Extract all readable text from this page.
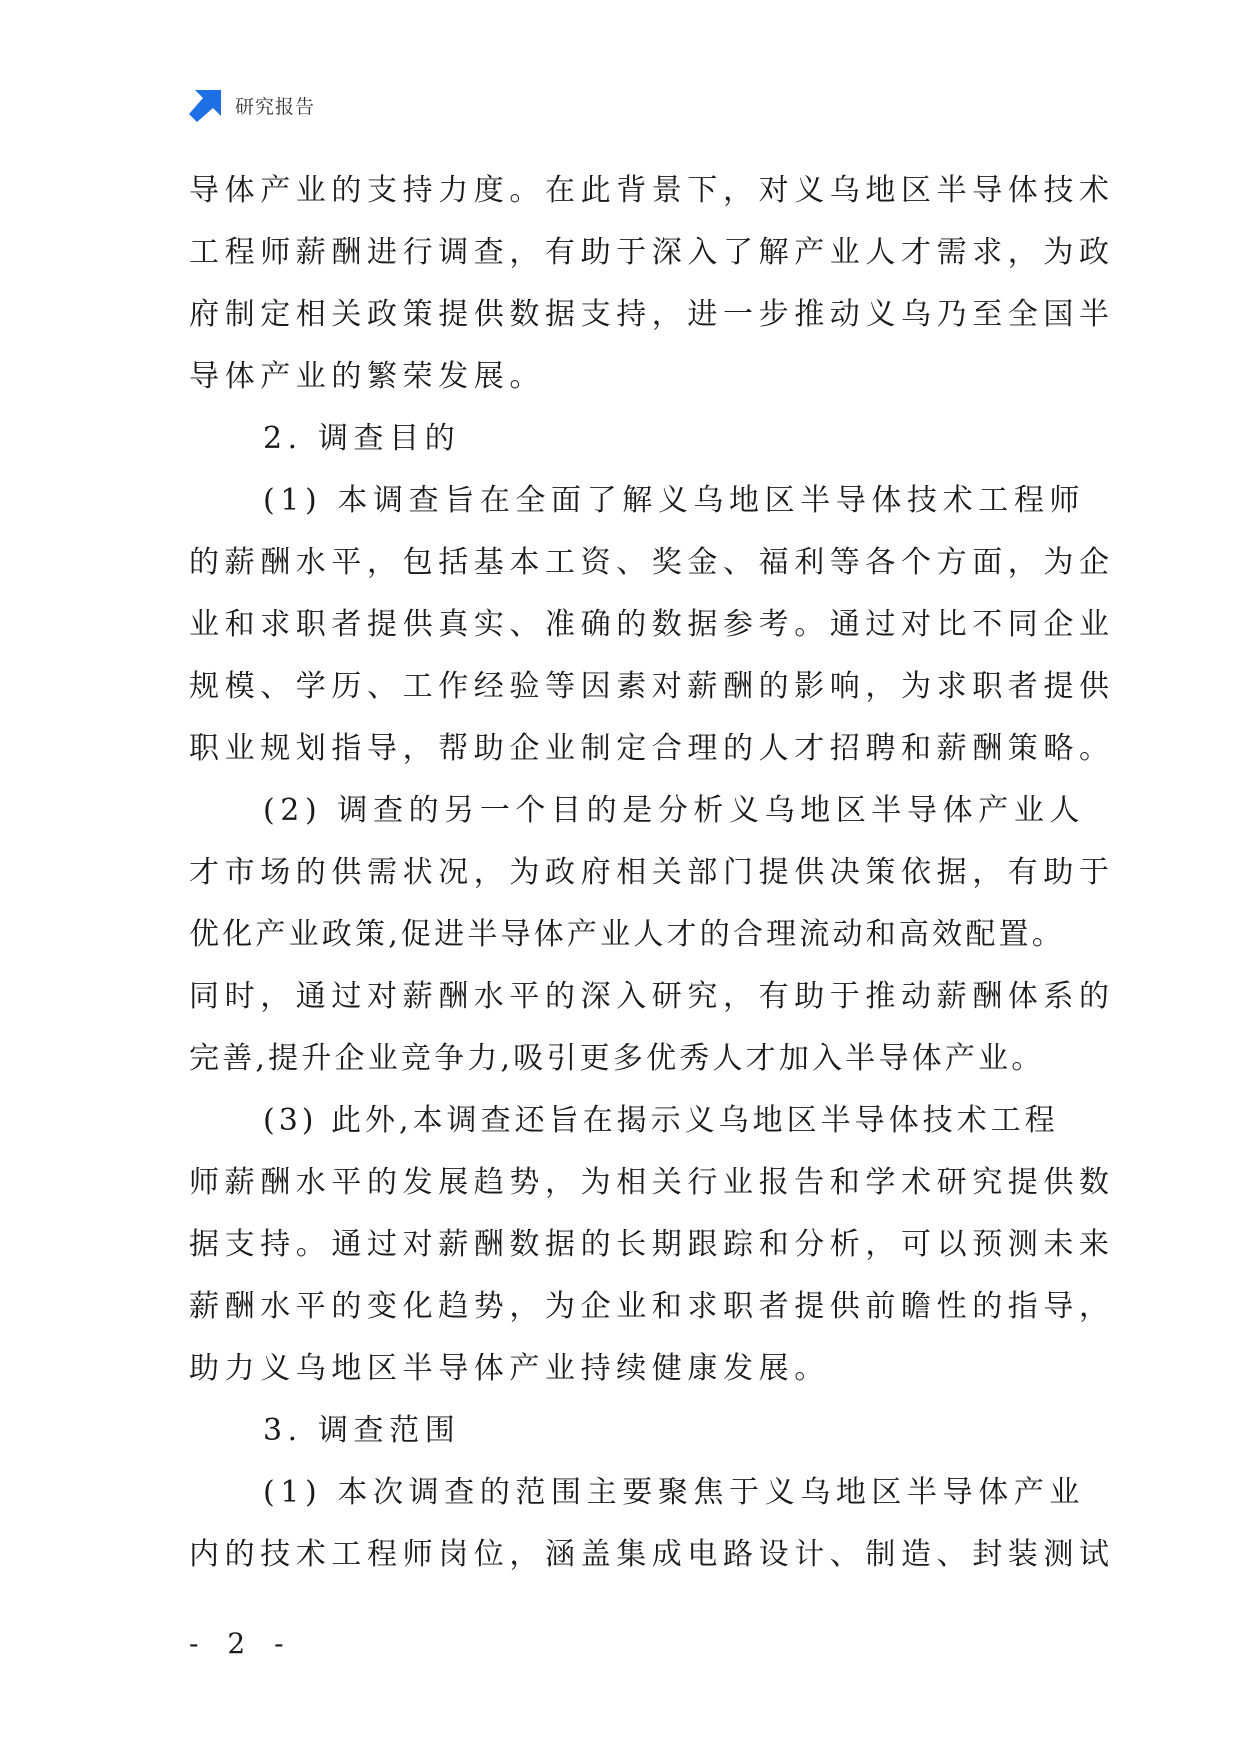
研究报告
导体产业的支持力度。在此背景下，对义乌地区半导体技术
工程师薪酬进行调查，有助于深入了解产业人才需求，为政
府制定相关政策提供数据支持，进一步推动义乌乃至全国半
导体产业的繁荣发展。
2. 调查目的
(1) 本调查旨在全面了解义乌地区半导体技术工程师
的薪酬水平，包括基本工资、奖金、福利等各个方面，为企
业和求职者提供真实、准确的数据参考。通过对比不同企业
规模、学历、工作经验等因素对薪酬的影响，为求职者提供
职业规划指导，帮助企业制定合理的人才招聘和薪酬策略。
(2) 调查的另一个目的是分析义乌地区半导体产业人
才市场的供需状况，为政府相关部门提供决策依据，有助于
优化产业政策,促进半导体产业人才的合理流动和高效配置。
同时，通过对薪酬水平的深入研究，有助于推动薪酬体系的
完善,提升企业竞争力,吸引更多优秀人才加入半导体产业。
(3) 此外,本调查还旨在揭示义乌地区半导体技术工程
师薪酬水平的发展趋势，为相关行业报告和学术研究提供数
据支持。通过对薪酬数据的长期跟踪和分析，可以预测未来
薪酬水平的变化趋势，为企业和求职者提供前瞻性的指导，
助力义乌地区半导体产业持续健康发展。
3. 调查范围
(1) 本次调查的范围主要聚焦于义乌地区半导体产业
内的技术工程师岗位，涵盖集成电路设计、制造、封装测试
- 2 -
